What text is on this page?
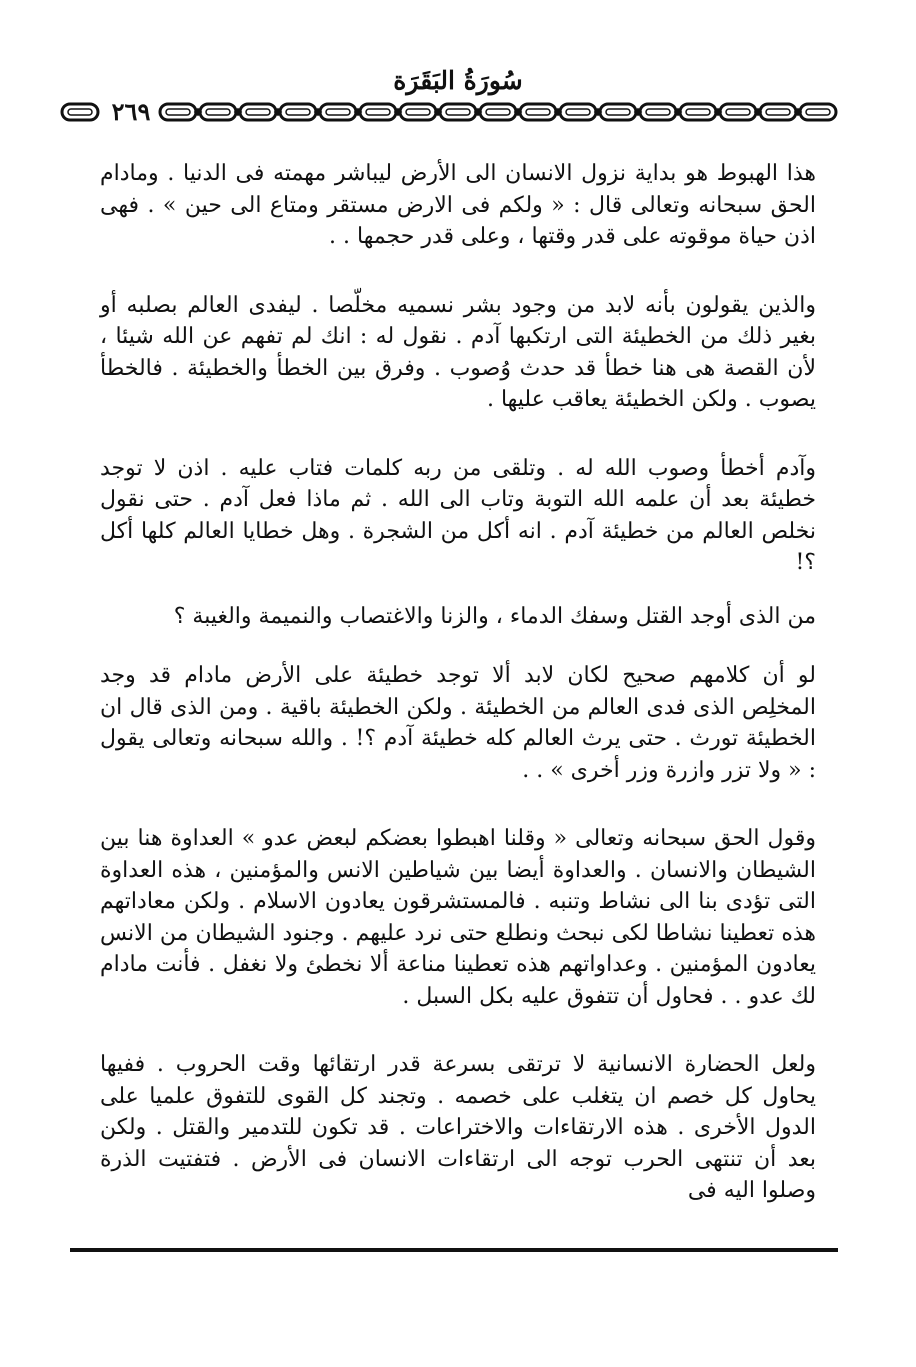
سُورَةُ البَقَرَة
٢٦٩

هذا الهبوط هو بداية نزول الانسان الى الأرض ليباشر مهمته فى الدنيا . ومادام الحق سبحانه وتعالى قال : « ولكم فى الارض مستقر ومتاع الى حين » . فهى اذن حياة موقوته على قدر وقتها ، وعلى قدر حجمها . .

والذين يقولون بأنه لابد من وجود بشر نسميه مخلّصا . ليفدى العالم بصلبه أو بغير ذلك من الخطيئة التى ارتكبها آدم . نقول له : انك لم تفهم عن الله شيئا ، لأن القصة هى هنا خطأ قد حدث وُصوب . وفرق بين الخطأ والخطيئة . فالخطأ يصوب . ولكن الخطيئة يعاقب عليها .

وآدم أخطأ وصوب الله له . وتلقى من ربه كلمات فتاب عليه . اذن لا توجد خطيئة بعد أن علمه الله التوبة وتاب الى الله . ثم ماذا فعل آدم . حتى نقول نخلص العالم من خطيئة آدم . انه أكل من الشجرة . وهل خطايا العالم كلها أكل ؟!

من الذى أوجد القتل وسفك الدماء ، والزنا والاغتصاب والنميمة والغيبة ؟

لو أن كلامهم صحيح لكان لابد ألا توجد خطيئة على الأرض مادام قد وجد المخلِص الذى فدى العالم من الخطيئة . ولكن الخطيئة باقية . ومن الذى قال ان الخطيئة تورث . حتى يرث العالم كله خطيئة آدم ؟! . والله سبحانه وتعالى يقول : « ولا تزر وازرة وزر أخرى » . .

وقول الحق سبحانه وتعالى « وقلنا اهبطوا بعضكم لبعض عدو » العداوة هنا بين الشيطان والانسان . والعداوة أيضا بين شياطين الانس والمؤمنين ، هذه العداوة التى تؤدى بنا الى نشاط وتنبه . فالمستشرقون يعادون الاسلام . ولكن معاداتهم هذه تعطينا نشاطا لكى نبحث ونطلع حتى نرد عليهم . وجنود الشيطان من الانس يعادون المؤمنين . وعداواتهم هذه تعطينا مناعة ألا نخطئ ولا نغفل . فأنت مادام لك عدو . . فحاول أن تتفوق عليه بكل السبل .

ولعل الحضارة الانسانية لا ترتقى بسرعة قدر ارتقائها وقت الحروب . ففيها يحاول كل خصم ان يتغلب على خصمه . وتجند كل القوى للتفوق علميا على الدول الأخرى . هذه الارتقاءات والاختراعات . قد تكون للتدمير والقتل . ولكن بعد أن تنتهى الحرب توجه الى ارتقاءات الانسان فى الأرض . فتفتيت الذرة وصلوا اليه فى
